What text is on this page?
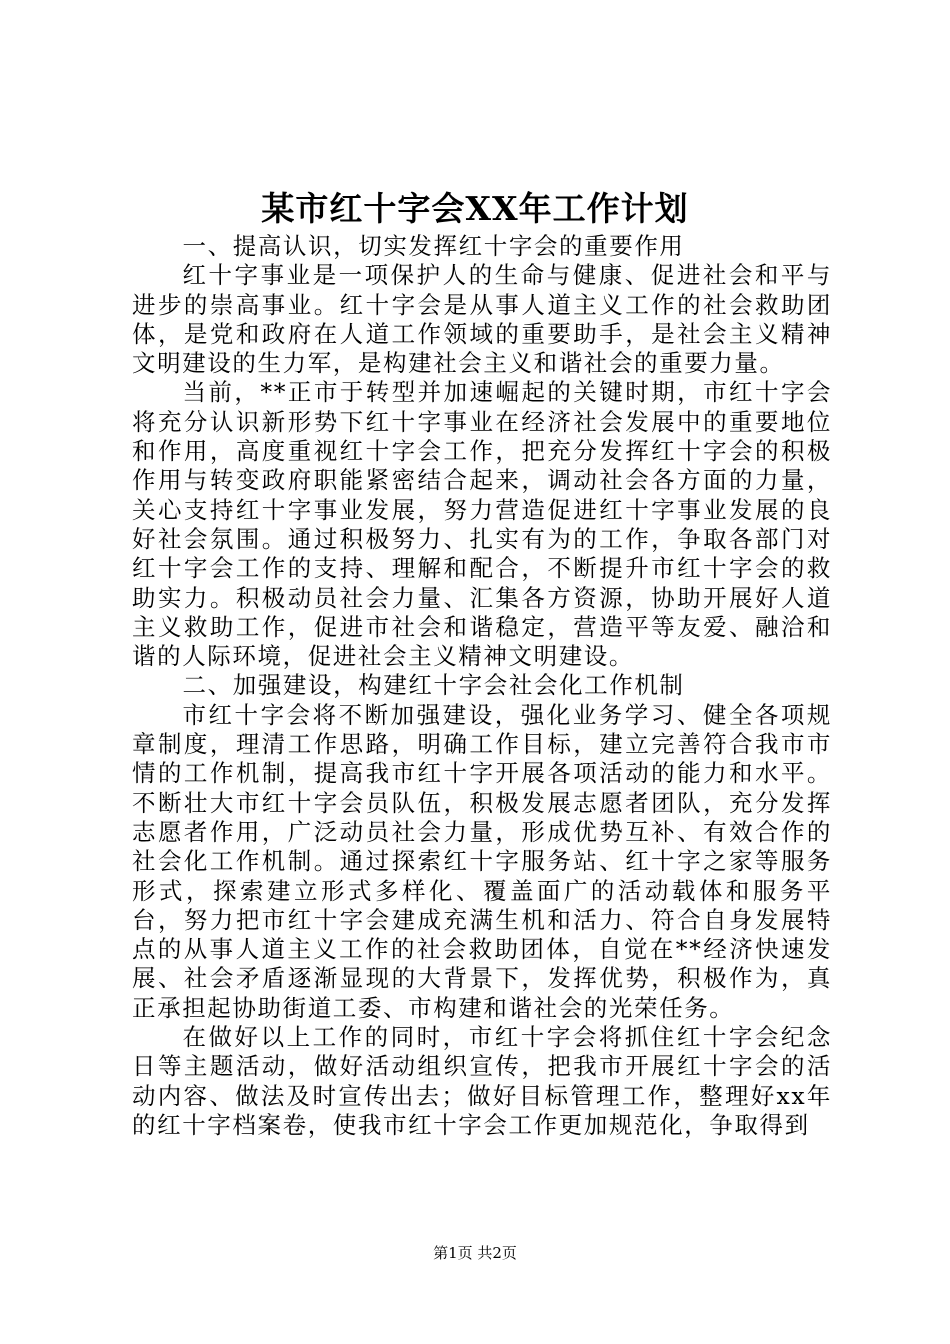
某市红十字会XX年工作计划

一、提高认识，切实发挥红十字会的重要作用

红十字事业是一项保护人的生命与健康、促进社会和平与进步的崇高事业。红十字会是从事人道主义工作的社会救助团体，是党和政府在人道工作领域的重要助手，是社会主义精神文明建设的生力军，是构建社会主义和谐社会的重要力量。

当前，**正市于转型并加速崛起的关键时期，市红十字会将充分认识新形势下红十字事业在经济社会发展中的重要地位和作用，高度重视红十字会工作，把充分发挥红十字会的积极作用与转变政府职能紧密结合起来，调动社会各方面的力量，关心支持红十字事业发展，努力营造促进红十字事业发展的良好社会氛围。通过积极努力、扎实有为的工作，争取各部门对红十字会工作的支持、理解和配合，不断提升市红十字会的救助实力。积极动员社会力量、汇集各方资源，协助开展好人道主义救助工作，促进市社会和谐稳定，营造平等友爱、融洽和谐的人际环境，促进社会主义精神文明建设。

二、加强建设，构建红十字会社会化工作机制

市红十字会将不断加强建设，强化业务学习、健全各项规章制度，理清工作思路，明确工作目标，建立完善符合我市市情的工作机制，提高我市红十字开展各项活动的能力和水平。不断壮大市红十字会员队伍，积极发展志愿者团队，充分发挥志愿者作用，广泛动员社会力量，形成优势互补、有效合作的社会化工作机制。通过探索红十字服务站、红十字之家等服务形式，探索建立形式多样化、覆盖面广的活动载体和服务平台，努力把市红十字会建成充满生机和活力、符合自身发展特点的从事人道主义工作的社会救助团体，自觉在**经济快速发展、社会矛盾逐渐显现的大背景下，发挥优势，积极作为，真正承担起协助街道工委、市构建和谐社会的光荣任务。

在做好以上工作的同时，市红十字会将抓住红十字会纪念日等主题活动，做好活动组织宣传，把我市开展红十字会的活动内容、做法及时宣传出去；做好目标管理工作，整理好xx年的红十字档案卷，使我市红十字会工作更加规范化，争取得到

第1页 共2页
